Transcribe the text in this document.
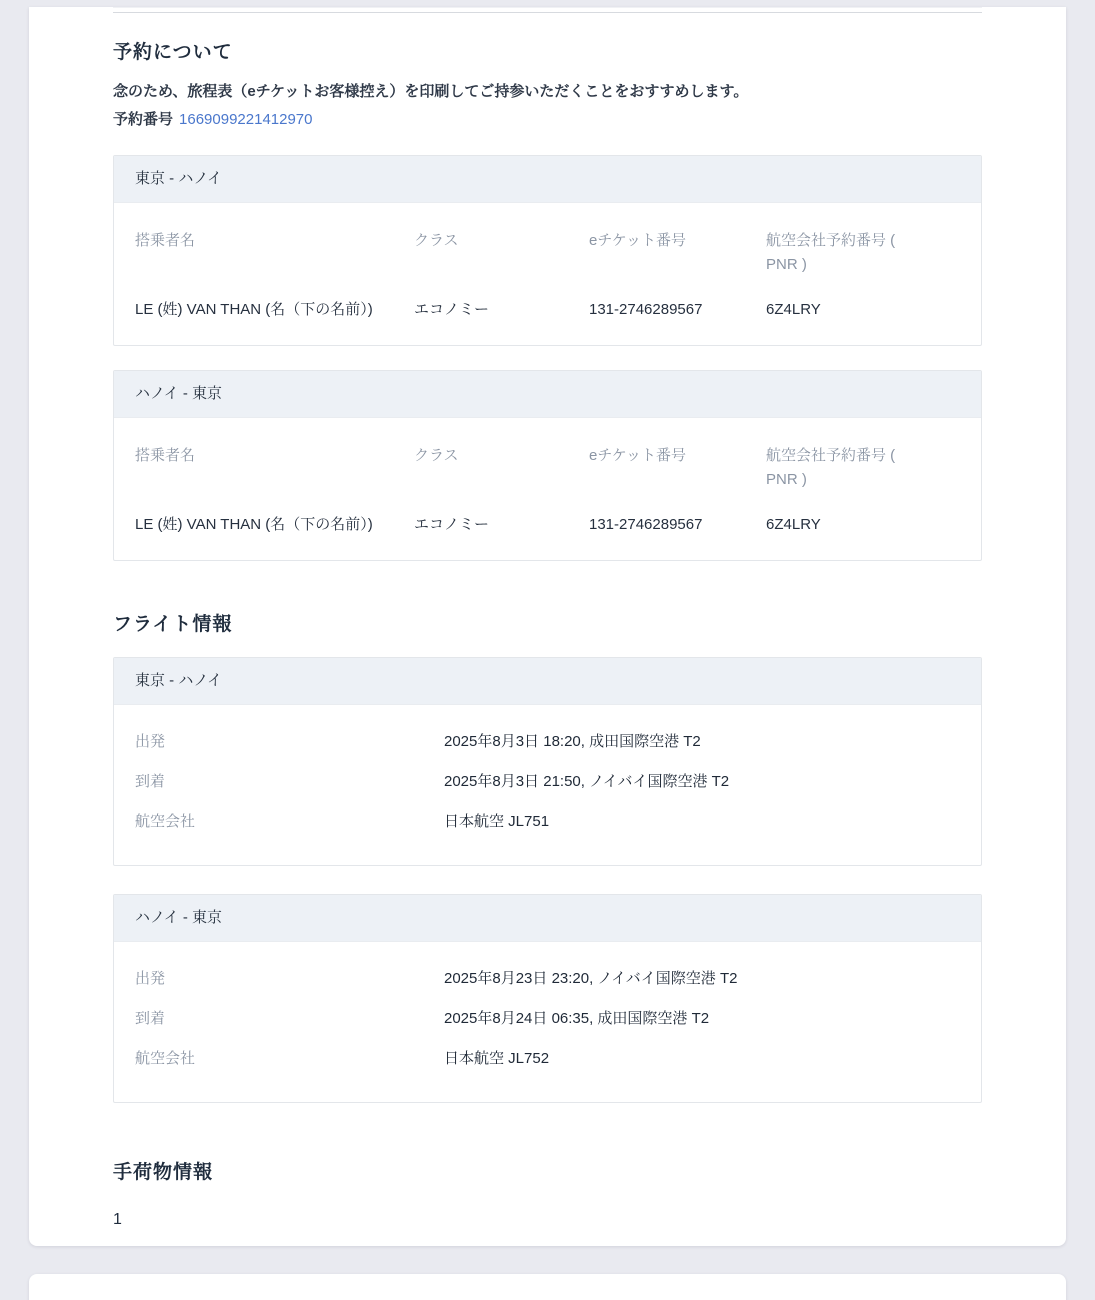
予約について

念のため、旅程表（eチケットお客様控え）を印刷してご持参いただくことをおすすめします。

予約番号 1669099221412970

東京 - ハノイ
搭乗者名	クラス	eチケット番号	航空会社予約番号 ( PNR )
LE (姓) VAN THAN (名（下の名前）)	エコノミー	131-2746289567	6Z4LRY
ハノイ - 東京
搭乗者名	クラス	eチケット番号	航空会社予約番号 ( PNR )
LE (姓) VAN THAN (名（下の名前）)	エコノミー	131-2746289567	6Z4LRY
フライト情報
東京 - ハノイ
出発	2025年8月3日 18:20, 成田国際空港 T2
到着	2025年8月3日 21:50, ノイバイ国際空港 T2
航空会社	日本航空 JL751
ハノイ - 東京
出発	2025年8月23日 23:20, ノイバイ国際空港 T2
到着	2025年8月24日 06:35, 成田国際空港 T2
航空会社	日本航空 JL752
手荷物情報
1
